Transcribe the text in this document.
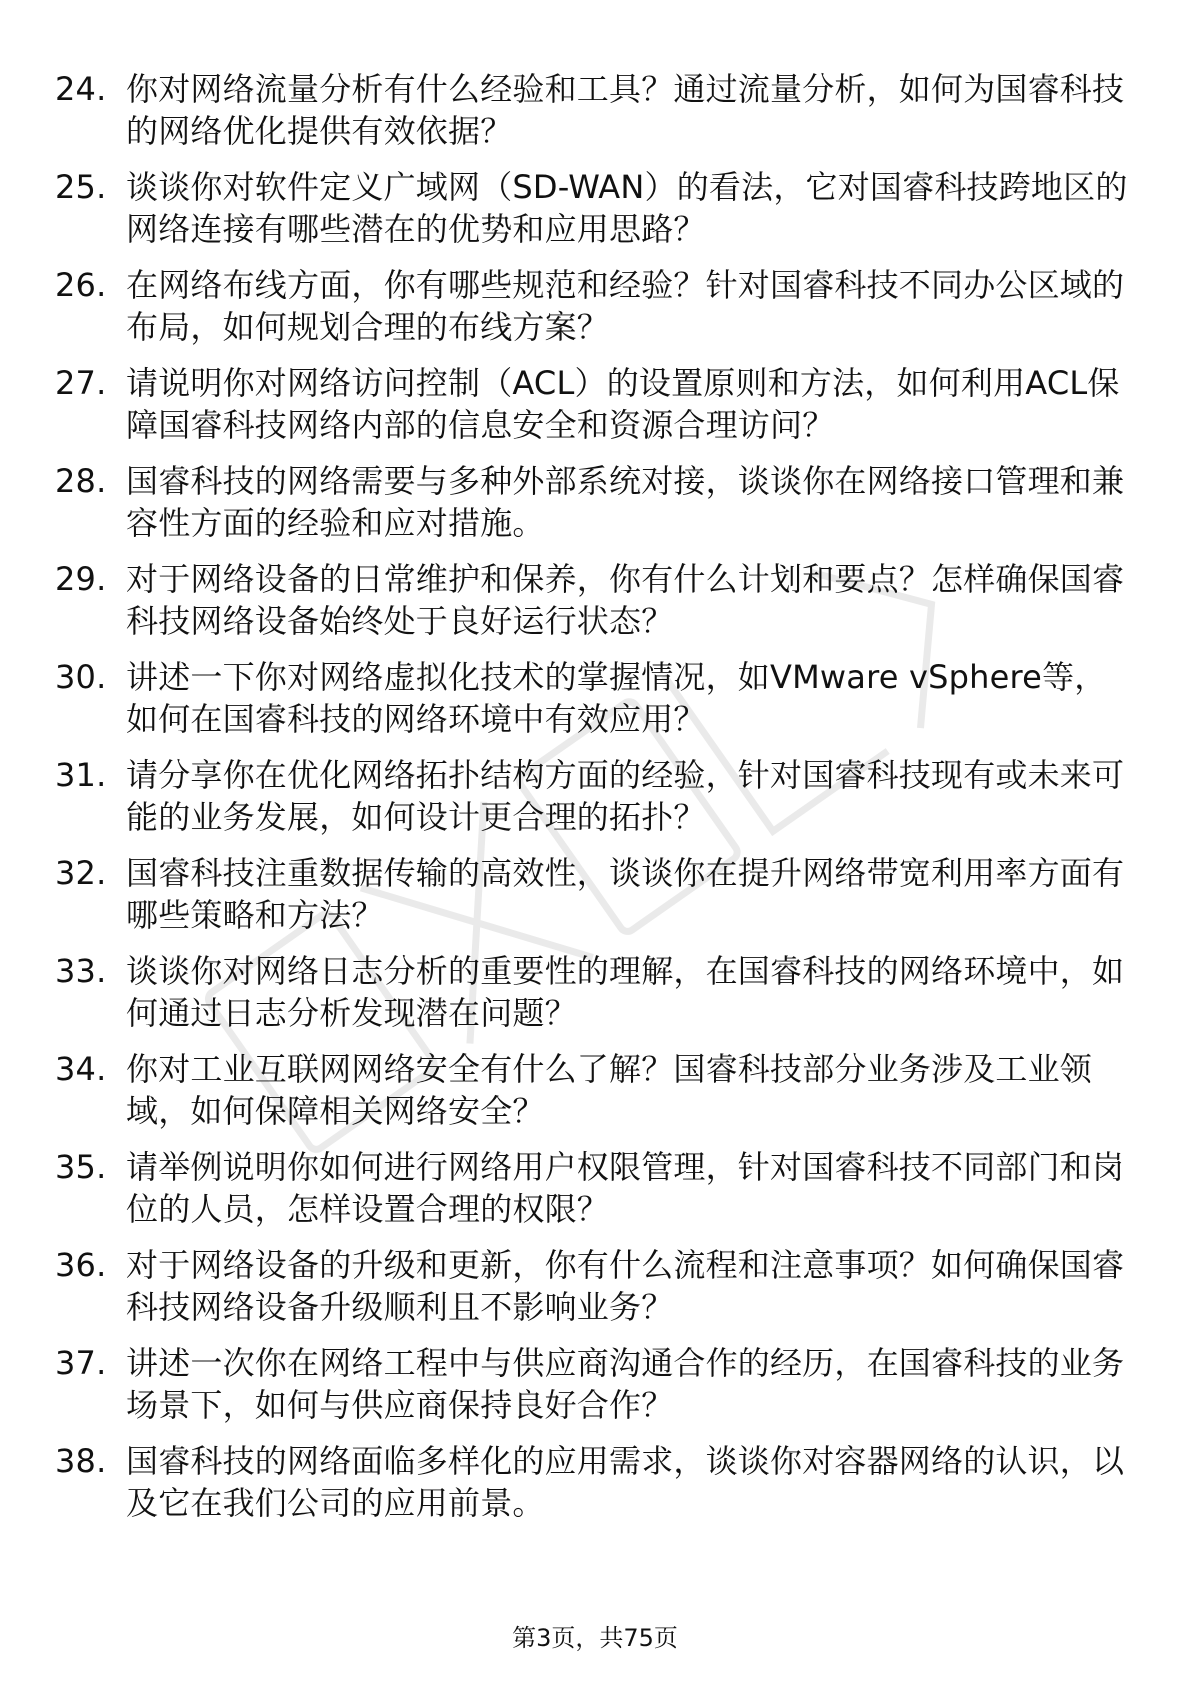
24. 你对网络流量分析有什么经验和工具？通过流量分析，如何为国睿科技的网络优化提供有效依据？
25. 谈谈你对软件定义广域网（SD-WAN）的看法，它对国睿科技跨地区的网络连接有哪些潜在的优势和应用思路？
26. 在网络布线方面，你有哪些规范和经验？针对国睿科技不同办公区域的布局，如何规划合理的布线方案？
27. 请说明你对网络访问控制（ACL）的设置原则和方法，如何利用ACL保障国睿科技网络内部的信息安全和资源合理访问？
28. 国睿科技的网络需要与多种外部系统对接，谈谈你在网络接口管理和兼容性方面的经验和应对措施。
29. 对于网络设备的日常维护和保养，你有什么计划和要点？怎样确保国睿科技网络设备始终处于良好运行状态？
30. 讲述一下你对网络虚拟化技术的掌握情况，如VMware vSphere等，如何在国睿科技的网络环境中有效应用？
31. 请分享你在优化网络拓扑结构方面的经验，针对国睿科技现有或未来可能的业务发展，如何设计更合理的拓扑？
32. 国睿科技注重数据传输的高效性，谈谈你在提升网络带宽利用率方面有哪些策略和方法？
33. 谈谈你对网络日志分析的重要性的理解，在国睿科技的网络环境中，如何通过日志分析发现潜在问题？
34. 你对工业互联网网络安全有什么了解？国睿科技部分业务涉及工业领域，如何保障相关网络安全？
35. 请举例说明你如何进行网络用户权限管理，针对国睿科技不同部门和岗位的人员，怎样设置合理的权限？
36. 对于网络设备的升级和更新，你有什么流程和注意事项？如何确保国睿科技网络设备升级顺利且不影响业务？
37. 讲述一次你在网络工程中与供应商沟通合作的经历，在国睿科技的业务场景下，如何与供应商保持良好合作？
38. 国睿科技的网络面临多样化的应用需求，谈谈你对容器网络的认识，以及它在我们公司的应用前景。
第3页，共75页
